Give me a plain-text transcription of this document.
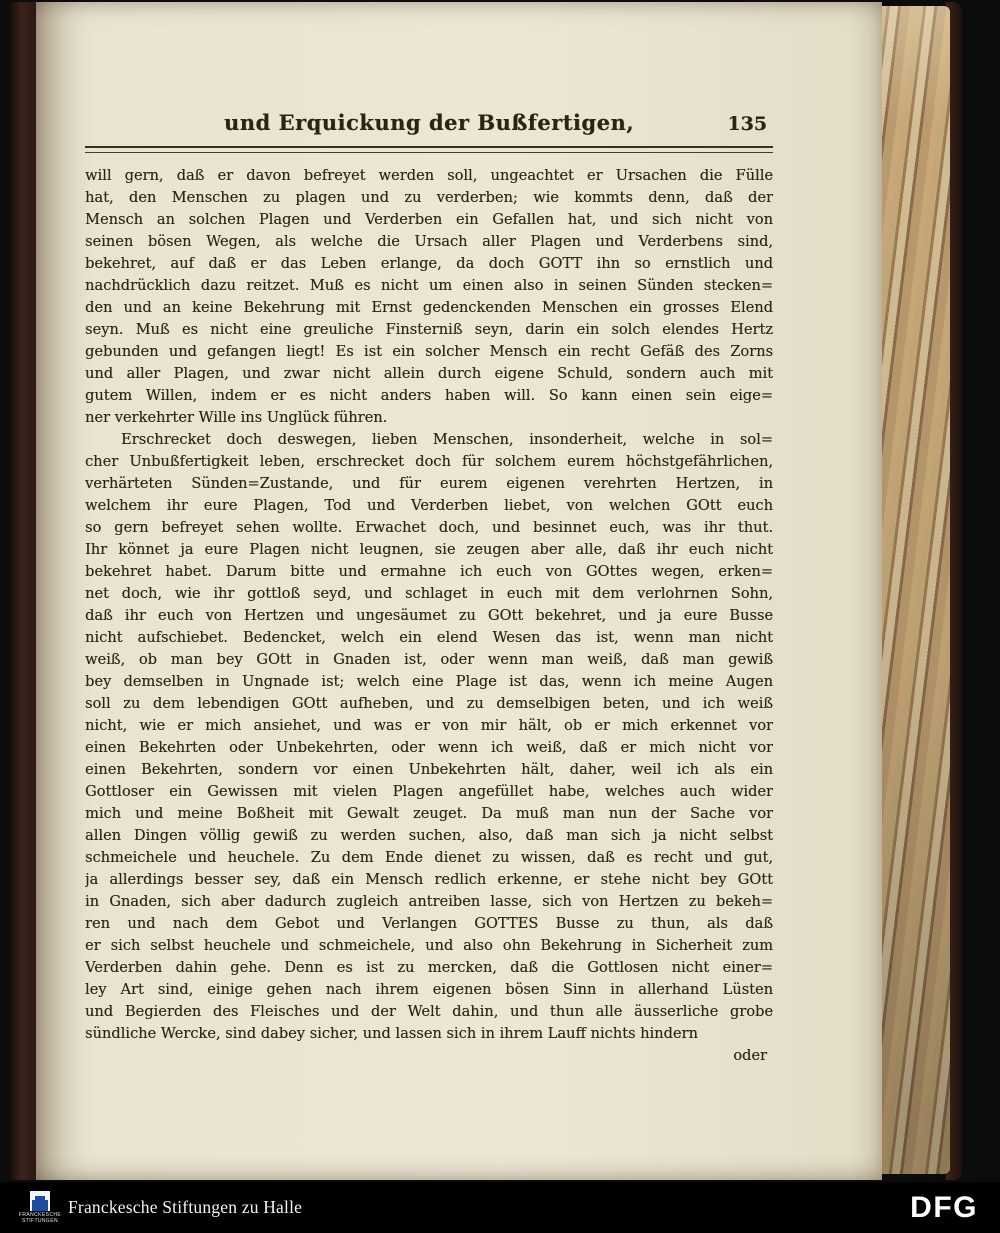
und Erquickung der Bußfertigen,	135
will gern, daß er davon befreyet werden soll, ungeachtet er Ursachen die Fülle
hat, den Menschen zu plagen und zu verderben; wie kommts denn, daß der
Mensch an solchen Plagen und Verderben ein Gefallen hat, und sich nicht von
seinen bösen Wegen, als welche die Ursach aller Plagen und Verderbens sind,
bekehret, auf daß er das Leben erlange, da doch GOTT ihn so ernstlich und
nachdrücklich dazu reitzet. Muß es nicht um einen also in seinen Sünden stecken=
den und an keine Bekehrung mit Ernst gedenckenden Menschen ein grosses Elend
seyn. Muß es nicht eine greuliche Finsterniß seyn, darin ein solch elendes Hertz
gebunden und gefangen liegt! Es ist ein solcher Mensch ein recht Gefäß des Zorns
und aller Plagen, und zwar nicht allein durch eigene Schuld, sondern auch mit
gutem Willen, indem er es nicht anders haben will. So kann einen sein eige=
ner verkehrter Wille ins Unglück führen.
Erschrecket doch deswegen, lieben Menschen, insonderheit, welche in sol=
cher Unbußfertigkeit leben, erschrecket doch für solchem eurem höchstgefährlichen,
verhärteten Sünden=Zustande, und für eurem eigenen verehrten Hertzen, in
welchem ihr eure Plagen, Tod und Verderben liebet, von welchen GOtt euch
so gern befreyet sehen wollte. Erwachet doch, und besinnet euch, was ihr thut.
Ihr könnet ja eure Plagen nicht leugnen, sie zeugen aber alle, daß ihr euch nicht
bekehret habet. Darum bitte und ermahne ich euch von GOttes wegen, erken=
net doch, wie ihr gottloß seyd, und schlaget in euch mit dem verlohrnen Sohn,
daß ihr euch von Hertzen und ungesäumet zu GOtt bekehret, und ja eure Busse
nicht aufschiebet. Bedencket, welch ein elend Wesen das ist, wenn man nicht
weiß, ob man bey GOtt in Gnaden ist, oder wenn man weiß, daß man gewiß
bey demselben in Ungnade ist; welch eine Plage ist das, wenn ich meine Augen
soll zu dem lebendigen GOtt aufheben, und zu demselbigen beten, und ich weiß
nicht, wie er mich ansiehet, und was er von mir hält, ob er mich erkennet vor
einen Bekehrten oder Unbekehrten, oder wenn ich weiß, daß er mich nicht vor
einen Bekehrten, sondern vor einen Unbekehrten hält, daher, weil ich als ein
Gottloser ein Gewissen mit vielen Plagen angefüllet habe, welches auch wider
mich und meine Boßheit mit Gewalt zeuget. Da muß man nun der Sache vor
allen Dingen völlig gewiß zu werden suchen, also, daß man sich ja nicht selbst
schmeichele und heuchele. Zu dem Ende dienet zu wissen, daß es recht und gut,
ja allerdings besser sey, daß ein Mensch redlich erkenne, er stehe nicht bey GOtt
in Gnaden, sich aber dadurch zugleich antreiben lasse, sich von Hertzen zu bekeh=
ren und nach dem Gebot und Verlangen GOTTES Busse zu thun, als daß
er sich selbst heuchele und schmeichele, und also ohn Bekehrung in Sicherheit zum
Verderben dahin gehe. Denn es ist zu mercken, daß die Gottlosen nicht einer=
ley Art sind, einige gehen nach ihrem eigenen bösen Sinn in allerhand Lüsten
und Begierden des Fleisches und der Welt dahin, und thun alle äusserliche grobe
sündliche Wercke, sind dabey sicher, und lassen sich in ihrem Lauff nichts hindern
oder
FRANCKESCHE
STIFTUNGEN
Franckesche Stiftungen zu Halle	DFG
